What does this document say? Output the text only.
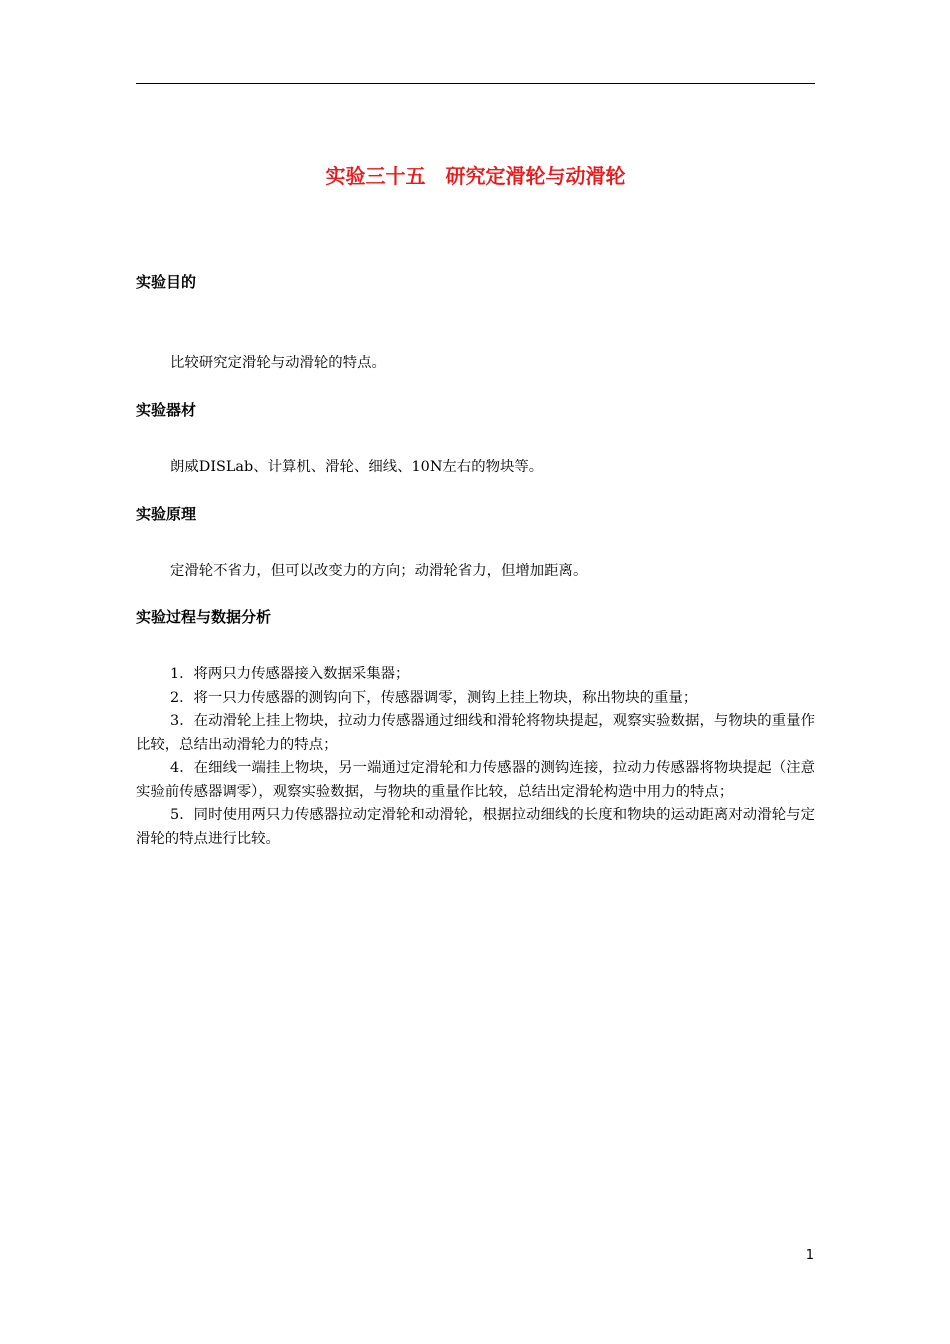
实验三十五　研究定滑轮与动滑轮
实验目的

比较研究定滑轮与动滑轮的特点。

实验器材

朗威DISLab、计算机、滑轮、细线、10N左右的物块等。

实验原理

定滑轮不省力，但可以改变力的方向；动滑轮省力，但增加距离。

实验过程与数据分析

1．将两只力传感器接入数据采集器；

2．将一只力传感器的测钩向下，传感器调零，测钩上挂上物块，称出物块的重量；

3．在动滑轮上挂上物块，拉动力传感器通过细线和滑轮将物块提起，观察实验数据，与物块的重量作比较，总结出动滑轮力的特点；

4．在细线一端挂上物块，另一端通过定滑轮和力传感器的测钩连接，拉动力传感器将物块提起（注意实验前传感器调零），观察实验数据，与物块的重量作比较，总结出定滑轮构造中用力的特点；

5．同时使用两只力传感器拉动定滑轮和动滑轮，根据拉动细线的长度和物块的运动距离对动滑轮与定滑轮的特点进行比较。

1
